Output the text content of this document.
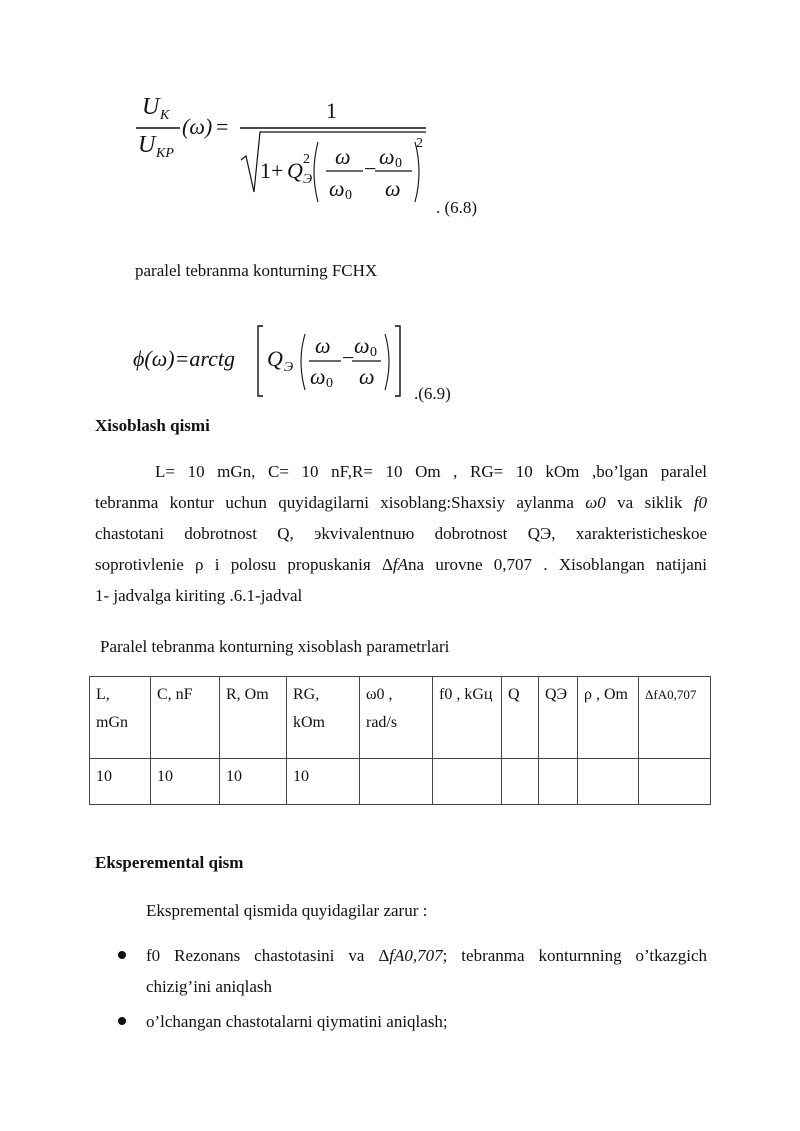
U K
U KP
(ω) =
1
1+ Q 2
Э
ω
ω 0
− ω 0
ω
2
. (6.8)
paralel tebranma konturning FCHX
ϕ(ω)=arctg Q Э
ω
ω 0
− ω 0
ω
.(6.9)
Xisoblash qismi
L= 10 mGn, C= 10 nF,R= 10 Om , RG= 10 kOm ,bo’lgan paralel
tebranma kontur uchun quyidagilarni xisoblang:Shaxsiy aylanma ω0 va siklik f0
chastotani dobrotnost Q, эkvivalentnuю dobrotnost QЭ, xarakteristicheskoe
soprotivlenie ρ i polosu propuskaniя ΔfAna urovne 0,707 . Xisoblangan natijani
1- jadvalga kiriting .6.1-jadval
Paralel tebranma konturning xisoblash parametrlari
L, mGn	C, nF	R, Om	RG, kOm	ω0 , rad/s	f0 , kGц	Q	QЭ	ρ , Om	ΔfA0,707
10	10	10	10						
Eksperemental qism
Ekspremental qismida quyidagilar zarur :
f0 Rezonans chastotasini va ΔfA0,707; tebranma konturnning o’tkazgich
chizig’ini aniqlash
o’lchangan chastotalarni qiymatini aniqlash;
